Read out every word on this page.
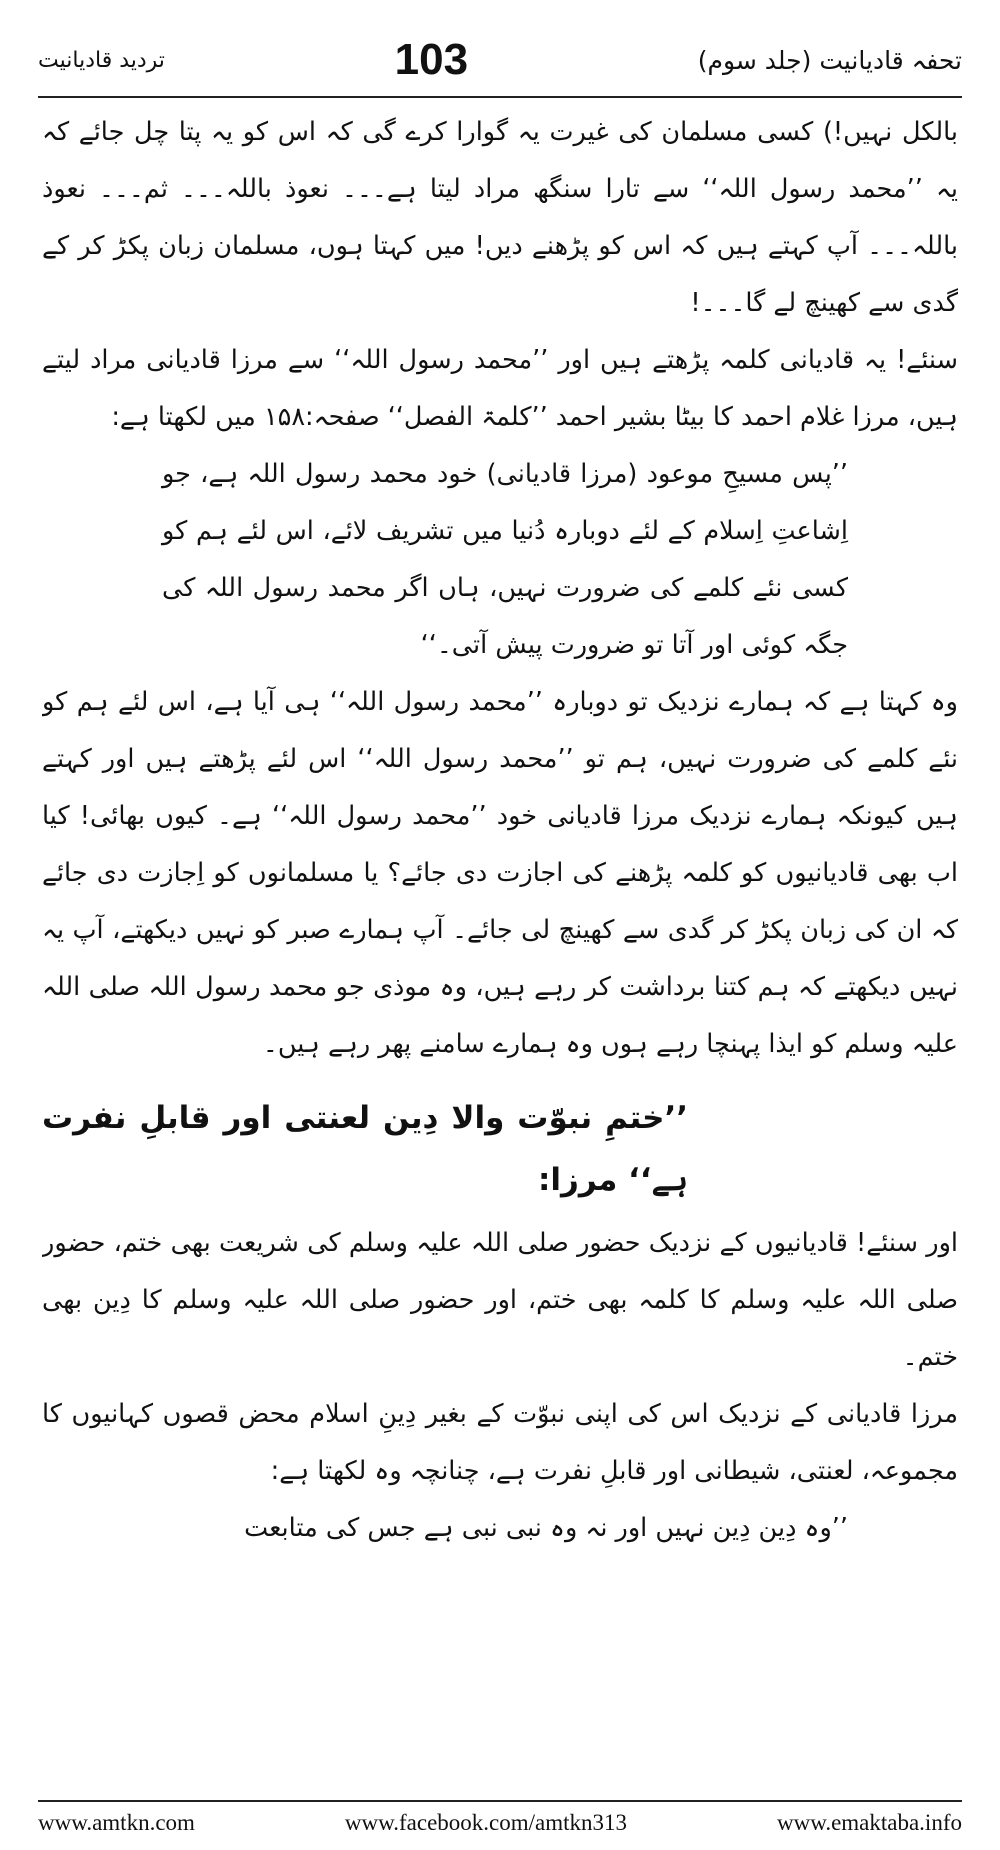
تحفہ قادیانیت (جلد سوم)
103
تردید قادیانیت

بالکل نہیں!) کسی مسلمان کی غیرت یہ گوارا کرے گی کہ اس کو یہ پتا چل جائے کہ یہ ’’محمد رسول اللہ‘‘ سے تارا سنگھ مراد لیتا ہے۔۔۔ نعوذ باللہ۔۔۔ ثم۔۔۔ نعوذ باللہ۔۔۔ آپ کہتے ہیں کہ اس کو پڑھنے دیں! میں کہتا ہوں، مسلمان زبان پکڑ کر کے گدی سے کھینچ لے گا۔۔۔!

سنئے! یہ قادیانی کلمہ پڑھتے ہیں اور ’’محمد رسول اللہ‘‘ سے مرزا قادیانی مراد لیتے ہیں، مرزا غلام احمد کا بیٹا بشیر احمد ’’کلمۃ الفصل‘‘ صفحہ:۱۵۸ میں لکھتا ہے:

’’پس مسیحِ موعود (مرزا قادیانی) خود محمد رسول اللہ ہے، جو اِشاعتِ اِسلام کے لئے دوبارہ دُنیا میں تشریف لائے، اس لئے ہم کو کسی نئے کلمے کی ضرورت نہیں، ہاں اگر محمد رسول اللہ کی جگہ کوئی اور آتا تو ضرورت پیش آتی۔‘‘

وہ کہتا ہے کہ ہمارے نزدیک تو دوبارہ ’’محمد رسول اللہ‘‘ ہی آیا ہے، اس لئے ہم کو نئے کلمے کی ضرورت نہیں، ہم تو ’’محمد رسول اللہ‘‘ اس لئے پڑھتے ہیں اور کہتے ہیں کیونکہ ہمارے نزدیک مرزا قادیانی خود ’’محمد رسول اللہ‘‘ ہے۔ کیوں بھائی! کیا اب بھی قادیانیوں کو کلمہ پڑھنے کی اجازت دی جائے؟ یا مسلمانوں کو اِجازت دی جائے کہ ان کی زبان پکڑ کر گدی سے کھینچ لی جائے۔ آپ ہمارے صبر کو نہیں دیکھتے، آپ یہ نہیں دیکھتے کہ ہم کتنا برداشت کر رہے ہیں، وہ موذی جو محمد رسول اللہ صلی اللہ علیہ وسلم کو ایذا پہنچا رہے ہوں وہ ہمارے سامنے پھر رہے ہیں۔

’’ختمِ نبوّت والا دِین لعنتی اور قابلِ نفرت ہے‘‘ مرزا:

اور سنئے! قادیانیوں کے نزدیک حضور صلی اللہ علیہ وسلم کی شریعت بھی ختم، حضور صلی اللہ علیہ وسلم کا کلمہ بھی ختم، اور حضور صلی اللہ علیہ وسلم کا دِین بھی ختم۔

مرزا قادیانی کے نزدیک اس کی اپنی نبوّت کے بغیر دِینِ اسلام محض قصوں کہانیوں کا مجموعہ، لعنتی، شیطانی اور قابلِ نفرت ہے، چنانچہ وہ لکھتا ہے:

’’وہ دِین دِین نہیں اور نہ وہ نبی نبی ہے جس کی متابعت

www.amtkn.com	www.facebook.com/amtkn313	www.emaktaba.info
